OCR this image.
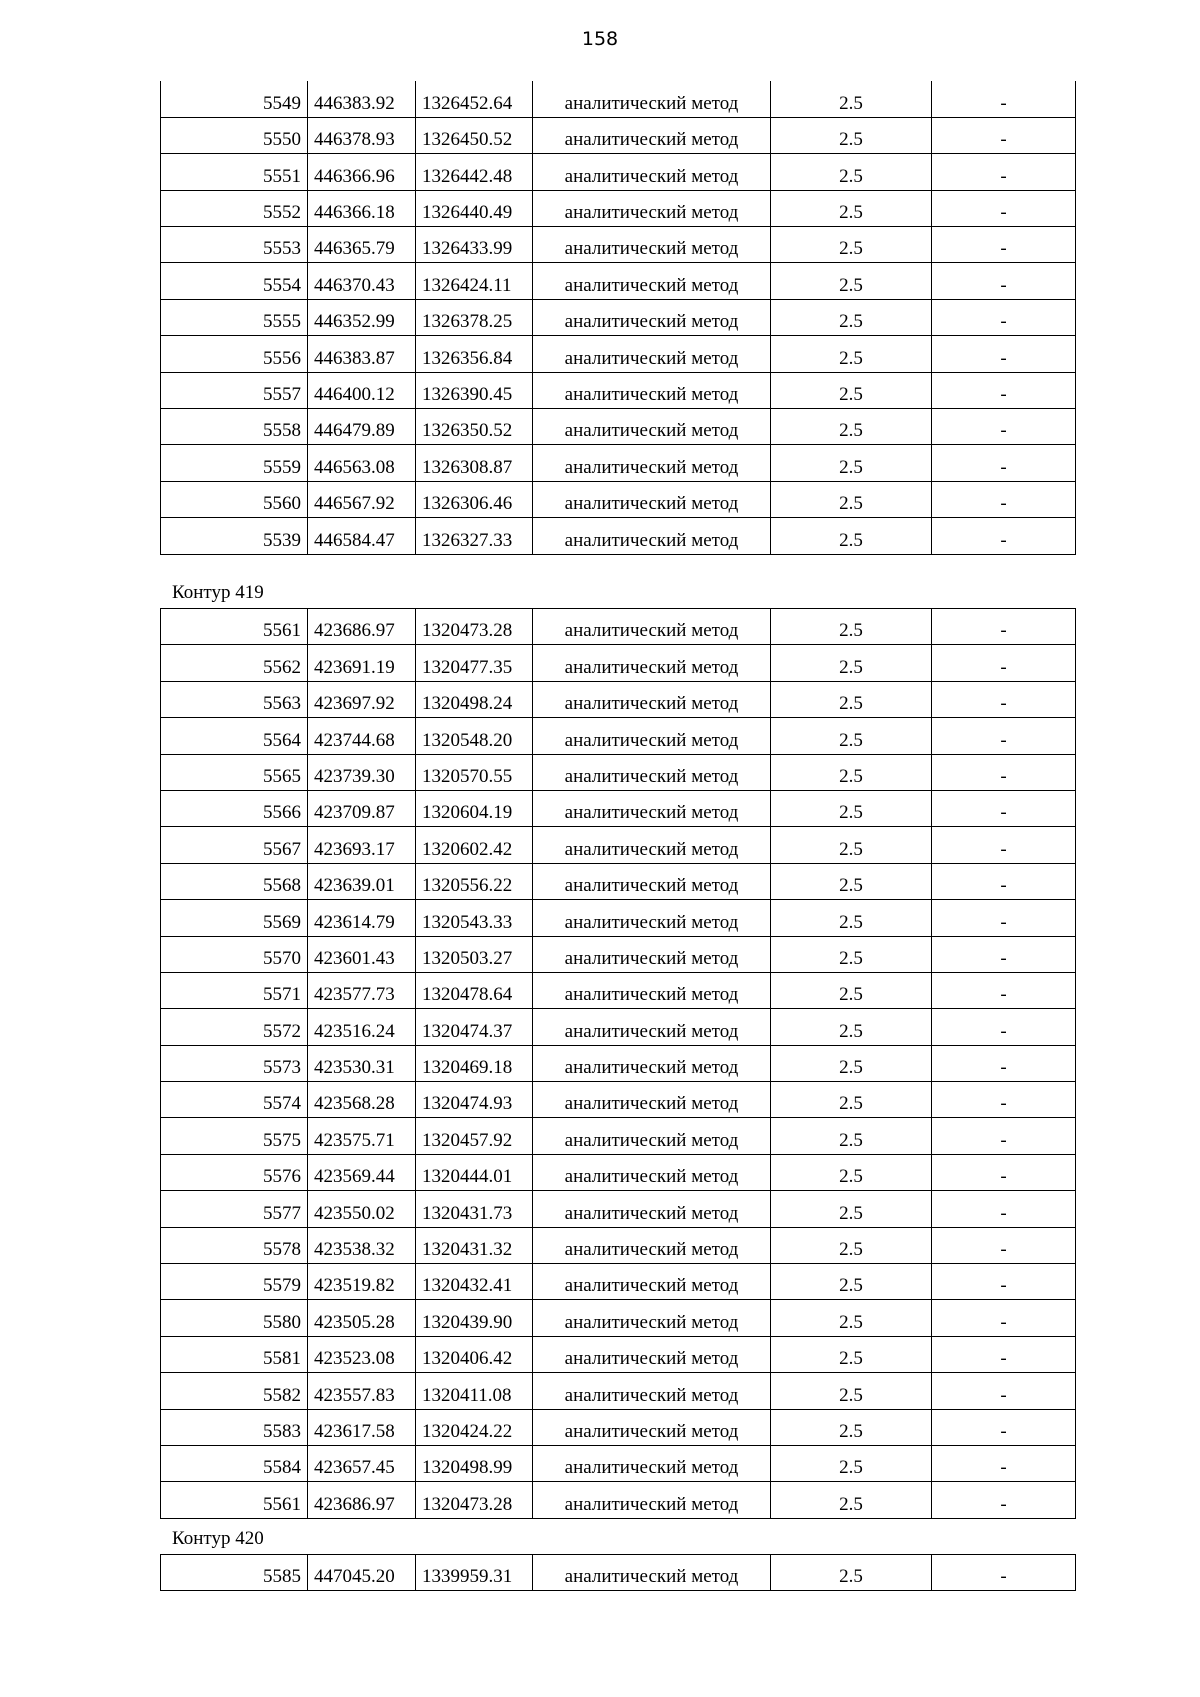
158
5549	446383.92	1326452.64	аналитический метод	2.5	-
5550	446378.93	1326450.52	аналитический метод	2.5	-
5551	446366.96	1326442.48	аналитический метод	2.5	-
5552	446366.18	1326440.49	аналитический метод	2.5	-
5553	446365.79	1326433.99	аналитический метод	2.5	-
5554	446370.43	1326424.11	аналитический метод	2.5	-
5555	446352.99	1326378.25	аналитический метод	2.5	-
5556	446383.87	1326356.84	аналитический метод	2.5	-
5557	446400.12	1326390.45	аналитический метод	2.5	-
5558	446479.89	1326350.52	аналитический метод	2.5	-
5559	446563.08	1326308.87	аналитический метод	2.5	-
5560	446567.92	1326306.46	аналитический метод	2.5	-
5539	446584.47	1326327.33	аналитический метод	2.5	-
Контур 419
5561	423686.97	1320473.28	аналитический метод	2.5	-
5562	423691.19	1320477.35	аналитический метод	2.5	-
5563	423697.92	1320498.24	аналитический метод	2.5	-
5564	423744.68	1320548.20	аналитический метод	2.5	-
5565	423739.30	1320570.55	аналитический метод	2.5	-
5566	423709.87	1320604.19	аналитический метод	2.5	-
5567	423693.17	1320602.42	аналитический метод	2.5	-
5568	423639.01	1320556.22	аналитический метод	2.5	-
5569	423614.79	1320543.33	аналитический метод	2.5	-
5570	423601.43	1320503.27	аналитический метод	2.5	-
5571	423577.73	1320478.64	аналитический метод	2.5	-
5572	423516.24	1320474.37	аналитический метод	2.5	-
5573	423530.31	1320469.18	аналитический метод	2.5	-
5574	423568.28	1320474.93	аналитический метод	2.5	-
5575	423575.71	1320457.92	аналитический метод	2.5	-
5576	423569.44	1320444.01	аналитический метод	2.5	-
5577	423550.02	1320431.73	аналитический метод	2.5	-
5578	423538.32	1320431.32	аналитический метод	2.5	-
5579	423519.82	1320432.41	аналитический метод	2.5	-
5580	423505.28	1320439.90	аналитический метод	2.5	-
5581	423523.08	1320406.42	аналитический метод	2.5	-
5582	423557.83	1320411.08	аналитический метод	2.5	-
5583	423617.58	1320424.22	аналитический метод	2.5	-
5584	423657.45	1320498.99	аналитический метод	2.5	-
5561	423686.97	1320473.28	аналитический метод	2.5	-
Контур 420
5585	447045.20	1339959.31	аналитический метод	2.5	-
